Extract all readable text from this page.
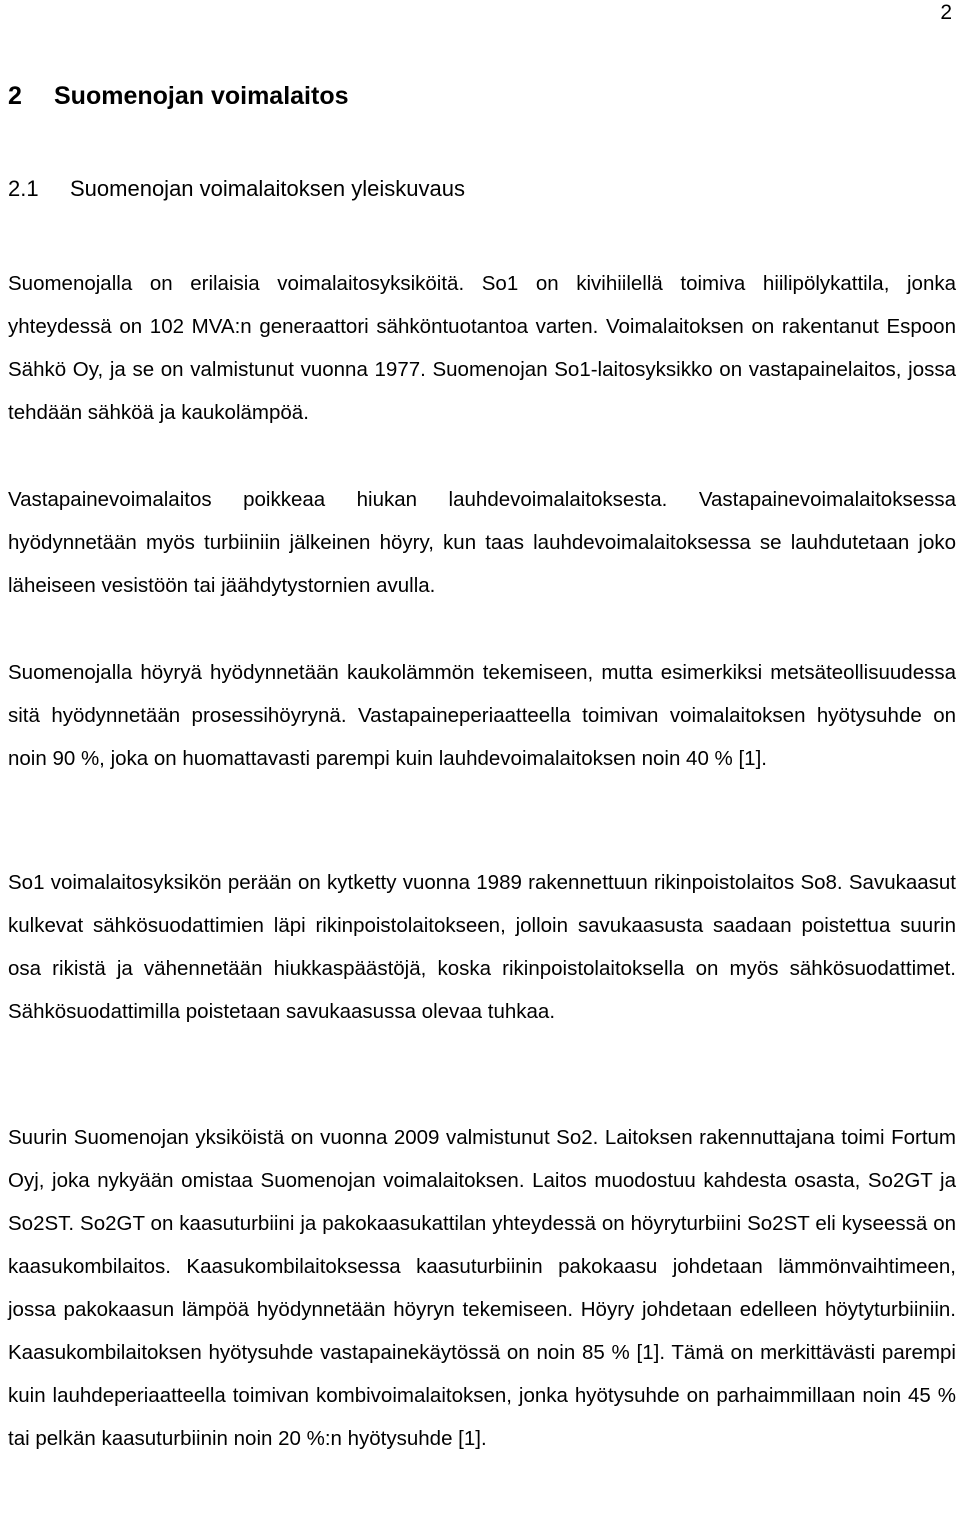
2
2 Suomenojan voimalaitos
2.1 Suomenojan voimalaitoksen yleiskuvaus

Suomenojalla on erilaisia voimalaitosyksiköitä. So1 on kivihiilellä toimiva hiilipölykattila, jonka yhteydessä on 102 MVA:n generaattori sähköntuotantoa varten. Voimalaitoksen on rakentanut Espoon Sähkö Oy, ja se on valmistunut vuonna 1977. Suomenojan So1-laitosyksikko on vastapainelaitos, jossa tehdään sähköä ja kaukolämpöä.

Vastapainevoimalaitos poikkeaa hiukan lauhdevoimalaitoksesta. Vastapainevoimalaitoksessa hyödynnetään myös turbiiniin jälkeinen höyry, kun taas lauhdevoimalaitoksessa se lauhdutetaan joko läheiseen vesistöön tai jäähdytystornien avulla.

Suomenojalla höyryä hyödynnetään kaukolämmön tekemiseen, mutta esimerkiksi metsäteollisuudessa sitä hyödynnetään prosessihöyrynä. Vastapaineperiaatteella toimivan voimalaitoksen hyötysuhde on noin 90 %, joka on huomattavasti parempi kuin lauhdevoimalaitoksen noin 40 % [1].

So1 voimalaitosyksikön perään on kytketty vuonna 1989 rakennettuun rikinpoistolaitos So8. Savukaasut kulkevat sähkösuodattimien läpi rikinpoistolaitokseen, jolloin savukaasusta saadaan poistettua suurin osa rikistä ja vähennetään hiukkaspäästöjä, koska rikinpoistolaitoksella on myös sähkösuodattimet. Sähkösuodattimilla poistetaan savukaasussa olevaa tuhkaa.

Suurin Suomenojan yksiköistä on vuonna 2009 valmistunut So2. Laitoksen rakennuttajana toimi Fortum Oyj, joka nykyään omistaa Suomenojan voimalaitoksen. Laitos muodostuu kahdesta osasta, So2GT ja So2ST. So2GT on kaasuturbiini ja pakokaasukattilan yhteydessä on höyryturbiini So2ST eli kyseessä on kaasukombilaitos. Kaasukombilaitoksessa kaasuturbiinin pakokaasu johdetaan lämmönvaihtimeen, jossa pakokaasun lämpöä hyödynnetään höyryn tekemiseen. Höyry johdetaan edelleen höytyturbiiniin. Kaasukombilaitoksen hyötysuhde vastapainekäytössä on noin 85 % [1]. Tämä on merkittävästi parempi kuin lauhdeperiaatteella toimivan kombivoimalaitoksen, jonka hyötysuhde on parhaimmillaan noin 45 % tai pelkän kaasuturbiinin noin 20 %:n hyötysuhde [1].
